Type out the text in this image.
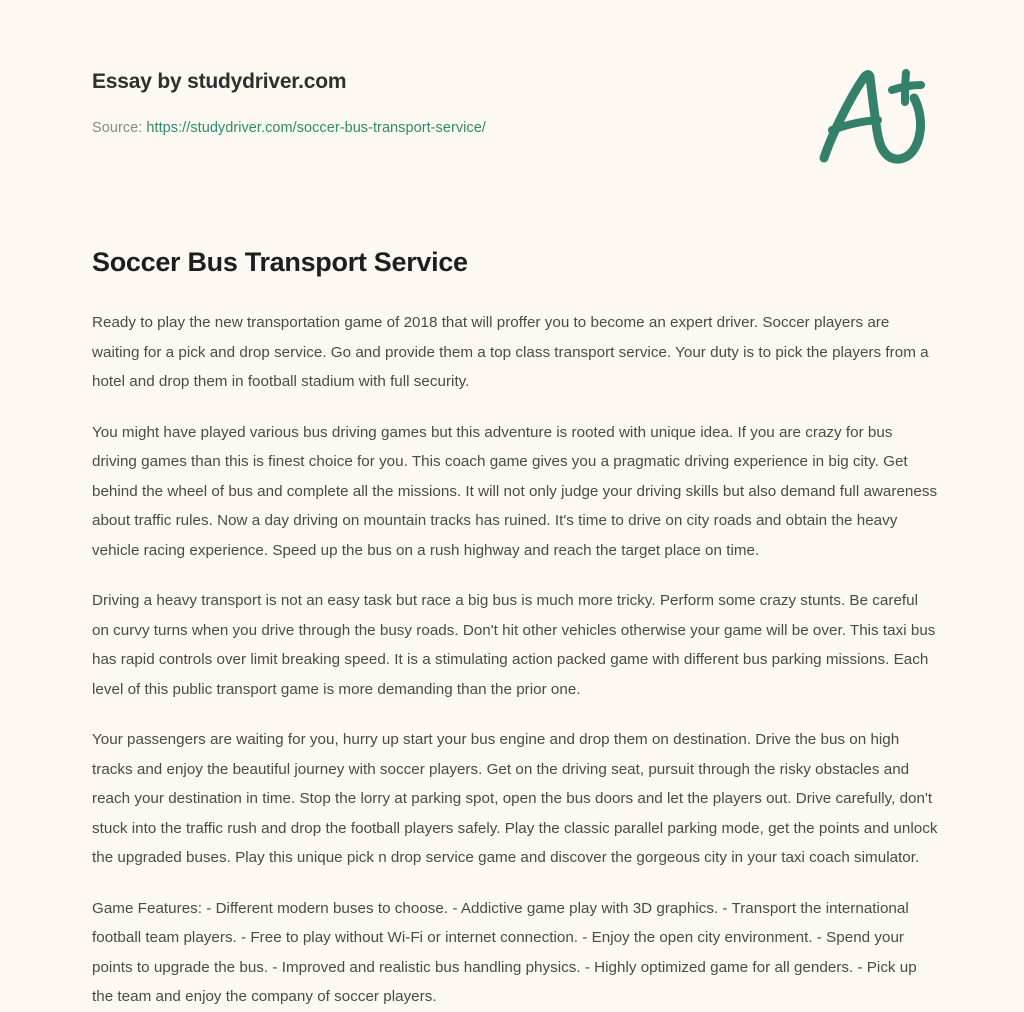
Essay by studydriver.com
Source: https://studydriver.com/soccer-bus-transport-service/
Soccer Bus Transport Service

Ready to play the new transportation game of 2018 that will proffer you to become an expert driver. Soccer players are waiting for a pick and drop service. Go and provide them a top class transport service. Your duty is to pick the players from a hotel and drop them in football stadium with full security.

You might have played various bus driving games but this adventure is rooted with unique idea. If you are crazy for bus driving games than this is finest choice for you. This coach game gives you a pragmatic driving experience in big city. Get behind the wheel of bus and complete all the missions. It will not only judge your driving skills but also demand full awareness about traffic rules. Now a day driving on mountain tracks has ruined. It's time to drive on city roads and obtain the heavy vehicle racing experience. Speed up the bus on a rush highway and reach the target place on time.

Driving a heavy transport is not an easy task but race a big bus is much more tricky. Perform some crazy stunts. Be careful on curvy turns when you drive through the busy roads. Don't hit other vehicles otherwise your game will be over. This taxi bus has rapid controls over limit breaking speed. It is a stimulating action packed game with different bus parking missions. Each level of this public transport game is more demanding than the prior one.

Your passengers are waiting for you, hurry up start your bus engine and drop them on destination. Drive the bus on high tracks and enjoy the beautiful journey with soccer players. Get on the driving seat, pursuit through the risky obstacles and reach your destination in time. Stop the lorry at parking spot, open the bus doors and let the players out. Drive carefully, don't stuck into the traffic rush and drop the football players safely. Play the classic parallel parking mode, get the points and unlock the upgraded buses. Play this unique pick n drop service game and discover the gorgeous city in your taxi coach simulator.

Game Features: - Different modern buses to choose. - Addictive game play with 3D graphics. - Transport the international football team players. - Free to play without Wi-Fi or internet connection. - Enjoy the open city environment. - Spend your points to upgrade the bus. - Improved and realistic bus handling physics. - Highly optimized game for all genders. - Pick up the team and enjoy the company of soccer players.
